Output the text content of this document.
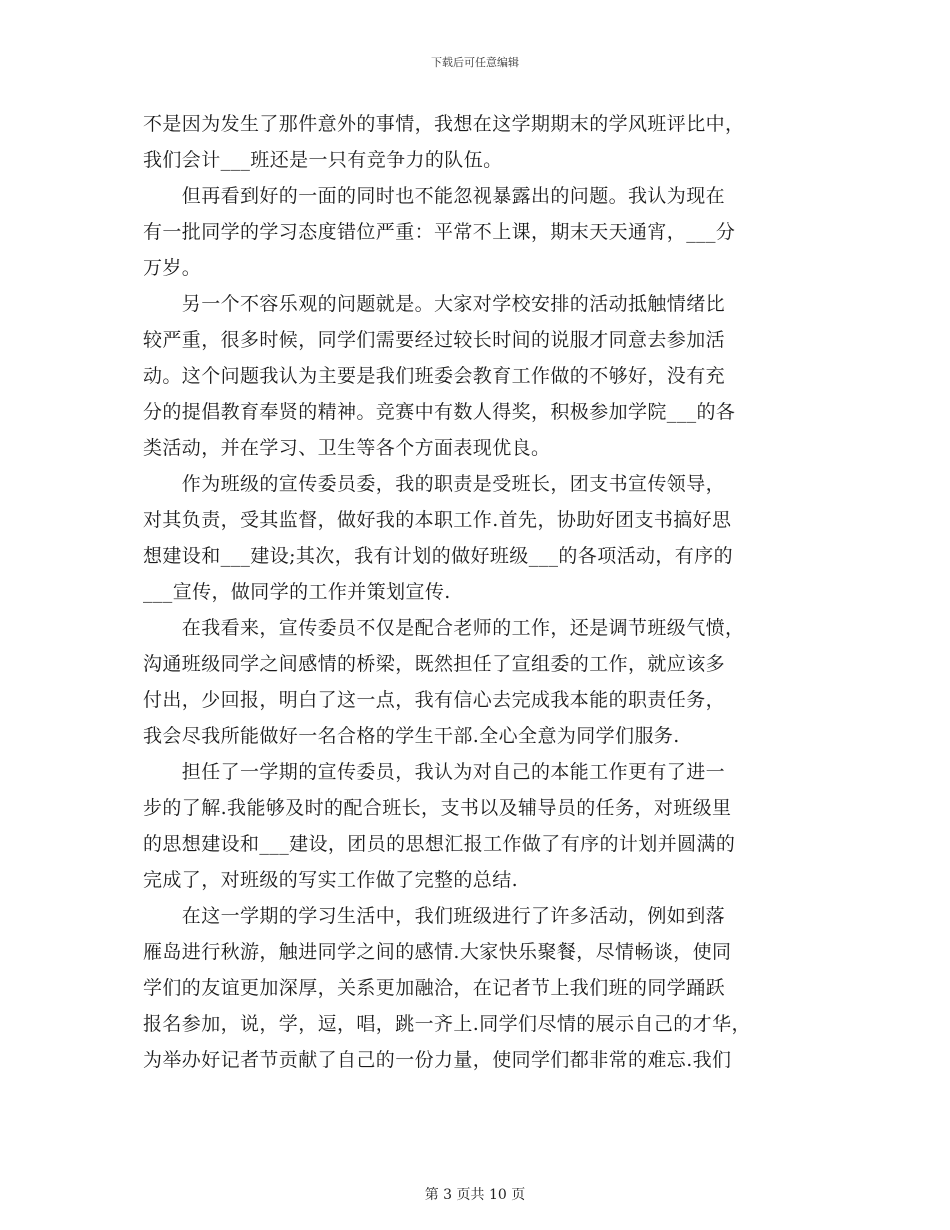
下载后可任意编辑
不是因为发生了那件意外的事情，我想在这学期期末的学风班评比中，
我们会计___班还是一只有竞争力的队伍。
　　但再看到好的一面的同时也不能忽视暴露出的问题。我认为现在
有一批同学的学习态度错位严重：平常不上课，期末天天通宵，___分
万岁。
　　另一个不容乐观的问题就是。大家对学校安排的活动抵触情绪比
较严重，很多时候，同学们需要经过较长时间的说服才同意去参加活
动。这个问题我认为主要是我们班委会教育工作做的不够好，没有充
分的提倡教育奉贤的精神。竞赛中有数人得奖，积极参加学院___的各
类活动，并在学习、卫生等各个方面表现优良。
　　作为班级的宣传委员委，我的职责是受班长，团支书宣传领导，
对其负责，受其监督，做好我的本职工作.首先，协助好团支书搞好思
想建设和___建设;其次，我有计划的做好班级___的各项活动，有序的
___宣传，做同学的工作并策划宣传.
　　在我看来，宣传委员不仅是配合老师的工作，还是调节班级气愤，
沟通班级同学之间感情的桥梁，既然担任了宣组委的工作，就应该多
付出，少回报，明白了这一点，我有信心去完成我本能的职责任务，
我会尽我所能做好一名合格的学生干部.全心全意为同学们服务.
　　担任了一学期的宣传委员，我认为对自己的本能工作更有了进一
步的了解.我能够及时的配合班长，支书以及辅导员的任务，对班级里
的思想建设和___建设，团员的思想汇报工作做了有序的计划并圆满的
完成了，对班级的写实工作做了完整的总结.
　　在这一学期的学习生活中，我们班级进行了许多活动，例如到落
雁岛进行秋游，触进同学之间的感情.大家快乐聚餐，尽情畅谈，使同
学们的友谊更加深厚，关系更加融洽，在记者节上我们班的同学踊跃
报名参加，说，学，逗，唱，跳一齐上.同学们尽情的展示自己的才华，
为举办好记者节贡献了自己的一份力量，使同学们都非常的难忘.我们
第 3 页共 10 页
